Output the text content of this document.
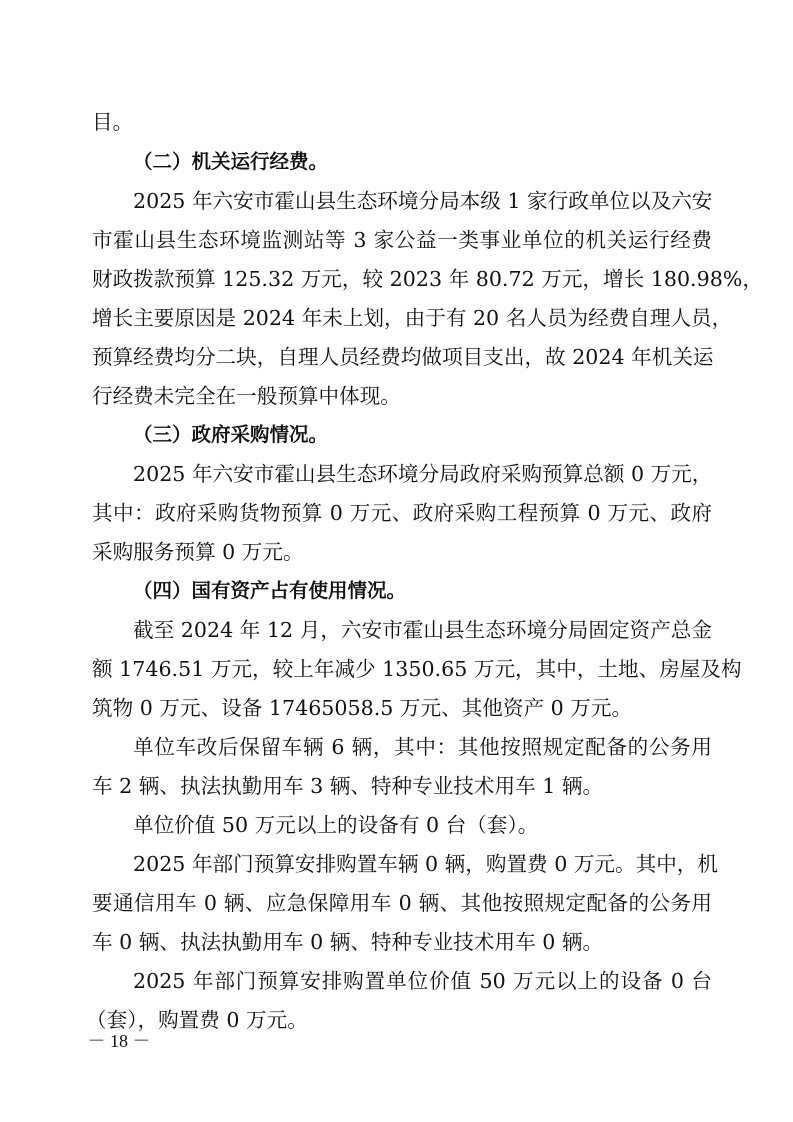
目。
（二）机关运行经费。
2025 年六安市霍山县生态环境分局本级 1 家行政单位以及六安
市霍山县生态环境监测站等 3 家公益一类事业单位的机关运行经费
财政拨款预算 125.32 万元，较 2023 年 80.72 万元，增长 180.98%，
增长主要原因是 2024 年未上划，由于有 20 名人员为经费自理人员，
预算经费均分二块，自理人员经费均做项目支出，故 2024 年机关运
行经费未完全在一般预算中体现。
（三）政府采购情况。
2025 年六安市霍山县生态环境分局政府采购预算总额 0 万元，
其中：政府采购货物预算 0 万元、政府采购工程预算 0 万元、政府
采购服务预算 0 万元。
（四）国有资产占有使用情况。
截至 2024 年 12 月，六安市霍山县生态环境分局固定资产总金
额 1746.51 万元，较上年减少 1350.65 万元，其中，土地、房屋及构
筑物 0 万元、设备 17465058.5 万元、其他资产 0 万元。
单位车改后保留车辆 6 辆，其中：其他按照规定配备的公务用
车 2 辆、执法执勤用车 3 辆、特种专业技术用车 1 辆。
单位价值 50 万元以上的设备有 0 台（套）。
2025 年部门预算安排购置车辆 0 辆，购置费 0 万元。其中，机
要通信用车 0 辆、应急保障用车 0 辆、其他按照规定配备的公务用
车 0 辆、执法执勤用车 0 辆、特种专业技术用车 0 辆。
2025 年部门预算安排购置单位价值 50 万元以上的设备 0 台
（套），购置费 0 万元。
－ 18 －
